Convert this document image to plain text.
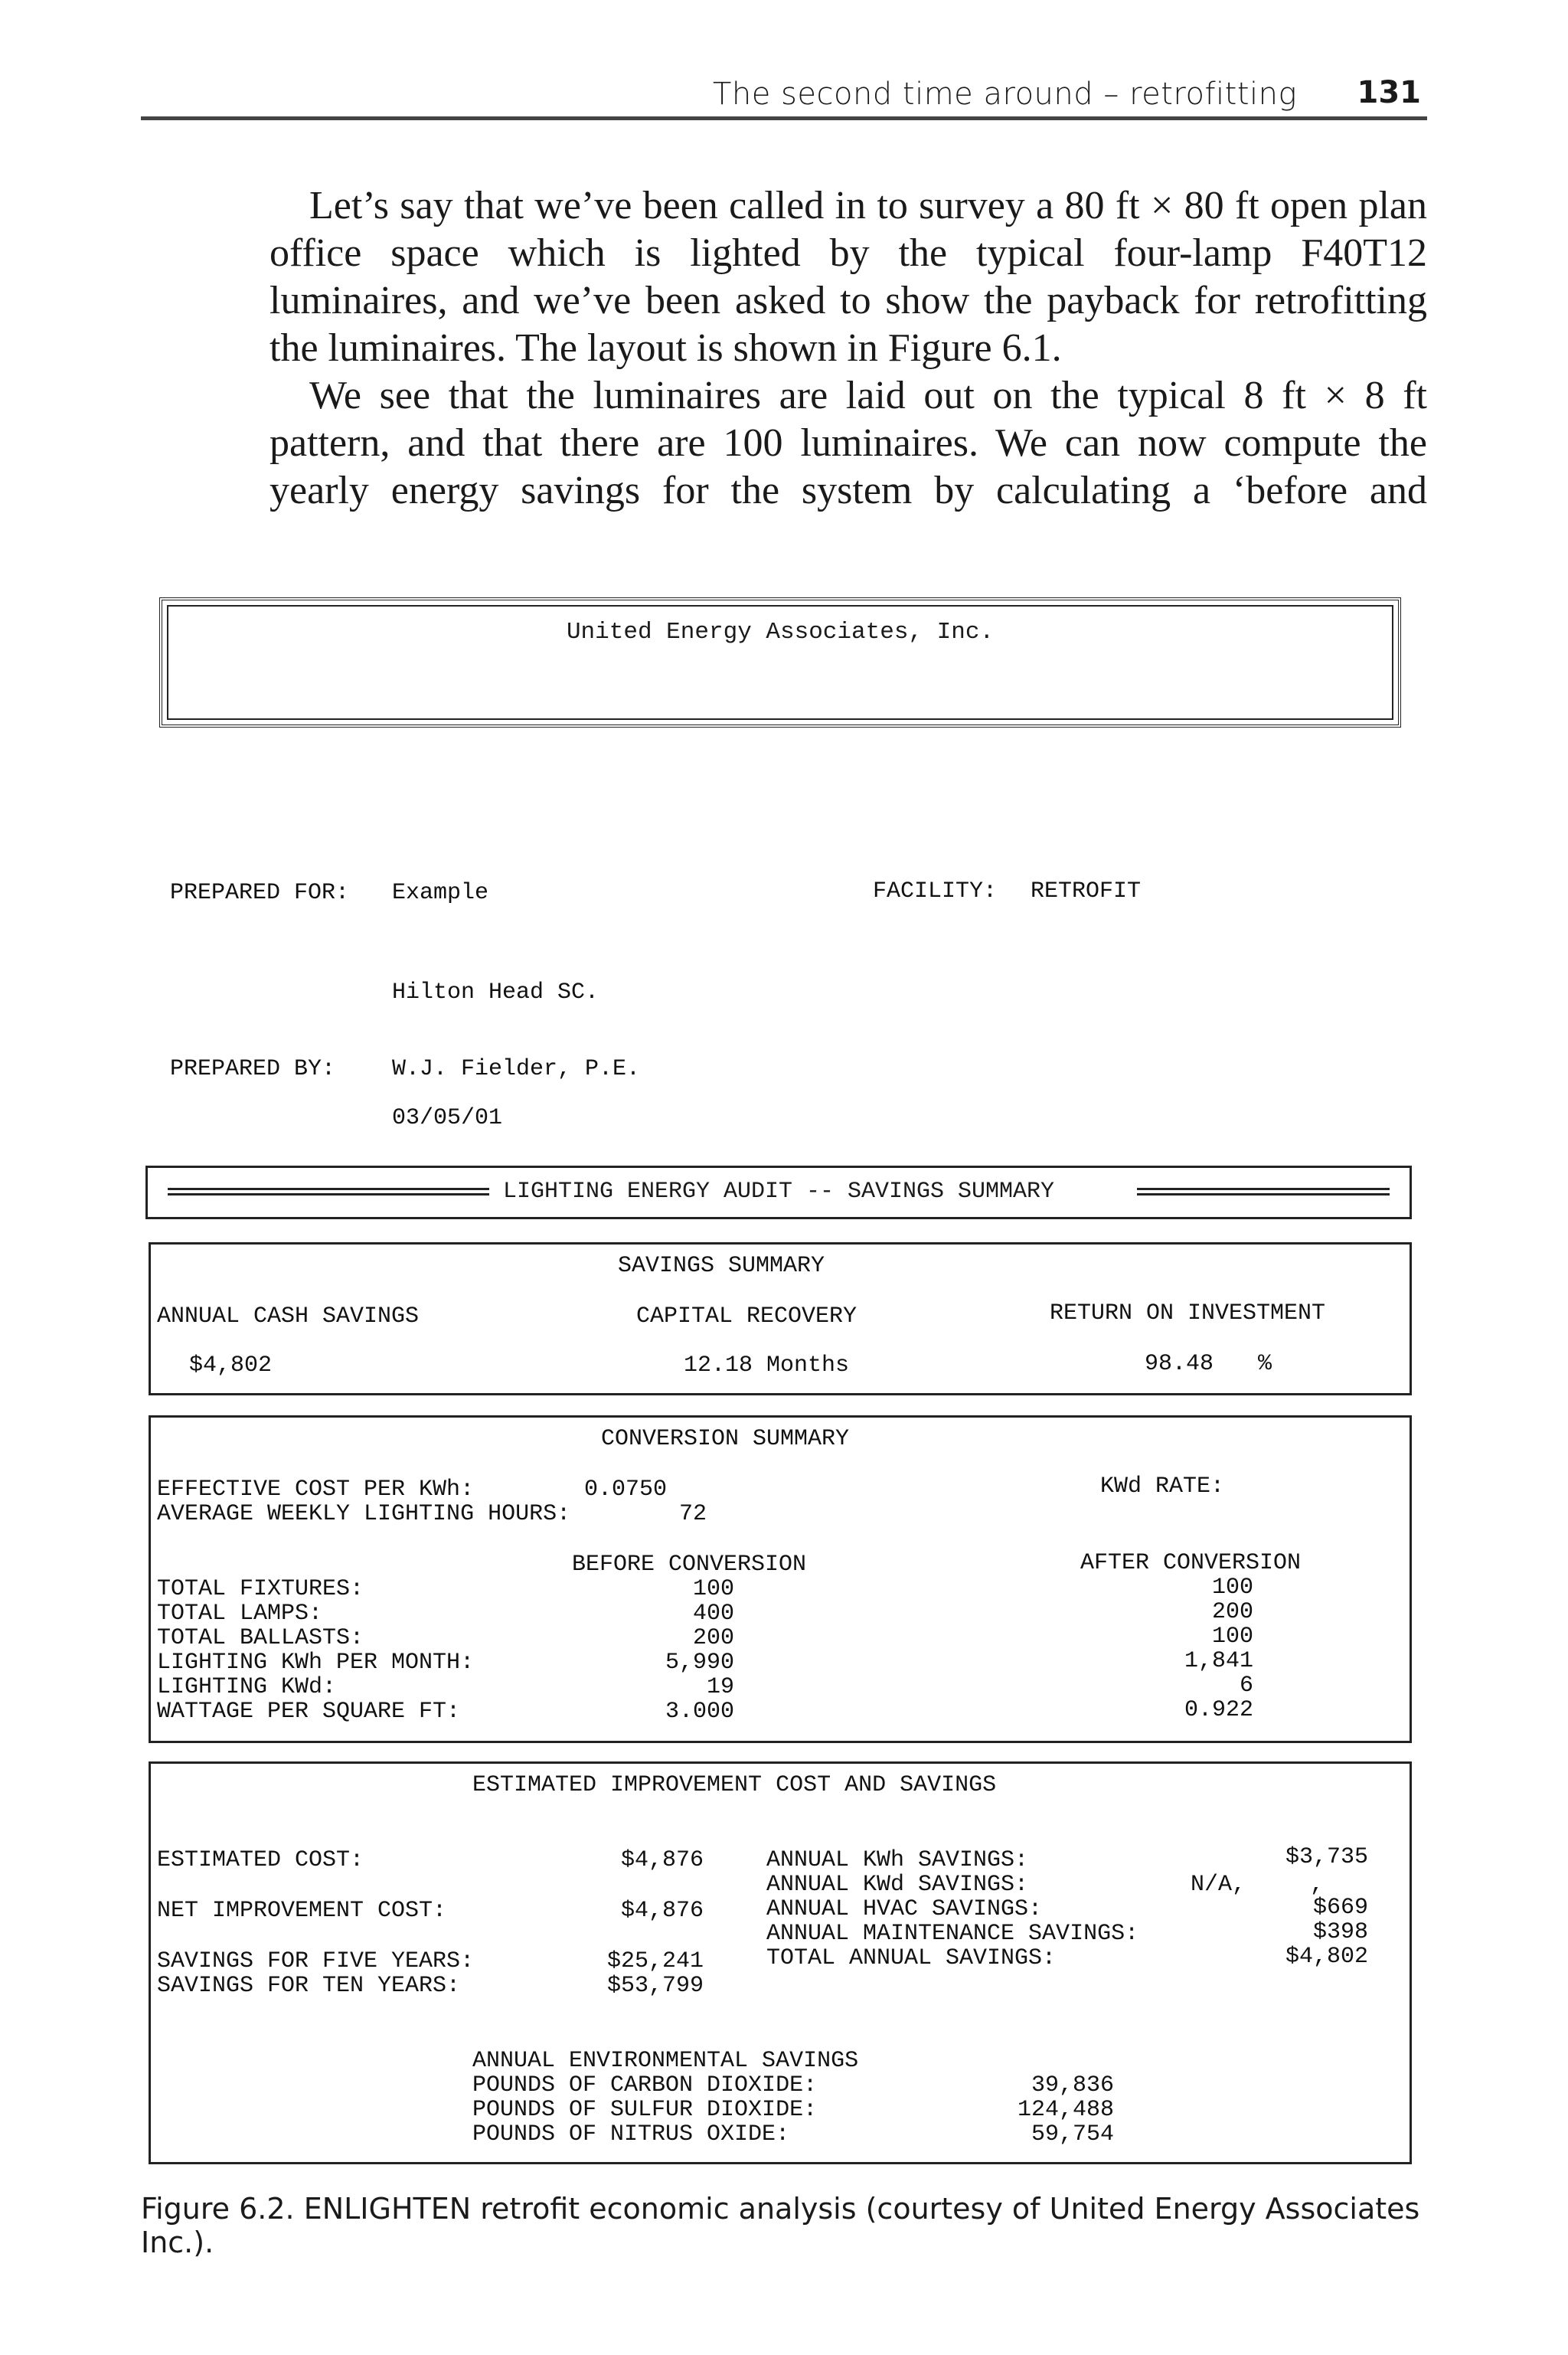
The second time around – retrofitting 131

Let’s say that we’ve been called in to survey a 80 ft × 80 ft open plan office space which is lighted by the typical four-lamp F40T12 luminaires, and we’ve been asked to show the payback for retrofitting the luminaires. The layout is shown in Figure 6.1.

We see that the luminaires are laid out on the typical 8 ft × 8 ft pattern, and that there are 100 luminaires. We can now compute the yearly energy savings for the system by calculating a ‘before and

United Energy Associates, Inc.
PREPARED FOR: Example	FACILITY: RETROFIT
Hilton Head SC.
PREPARED BY: W.J. Fielder, P.E.
03/05/01
LIGHTING ENERGY AUDIT -- SAVINGS SUMMARY
SAVINGS SUMMARY
ANNUAL CASH SAVINGS	CAPITAL RECOVERY	RETURN ON INVESTMENT
$4,802	12.18 Months	98.48 %
CONVERSION SUMMARY
EFFECTIVE COST PER KWh:	0.0750	KWd RATE:
AVERAGE WEEKLY LIGHTING HOURS:	72
BEFORE CONVERSION	AFTER CONVERSION
TOTAL FIXTURES:	100	100
TOTAL LAMPS:	400	200
TOTAL BALLASTS:	200	100
LIGHTING KWh PER MONTH:	5,990	1,841
LIGHTING KWd:	19	6
WATTAGE PER SQUARE FT:	3.000	0.922
ESTIMATED IMPROVEMENT COST AND SAVINGS
ESTIMATED COST:	$4,876
NET IMPROVEMENT COST:	$4,876
SAVINGS FOR FIVE YEARS:	$25,241
SAVINGS FOR TEN YEARS:	$53,799
ANNUAL KWh SAVINGS:	$3,735
ANNUAL KWd SAVINGS:	N/A,	,
ANNUAL HVAC SAVINGS:	$669
ANNUAL MAINTENANCE SAVINGS:	$398
TOTAL ANNUAL SAVINGS:	$4,802
ANNUAL ENVIRONMENTAL SAVINGS
POUNDS OF CARBON DIOXIDE:	39,836
POUNDS OF SULFUR DIOXIDE:	124,488
POUNDS OF NITRUS OXIDE:	59,754
Figure 6.2. ENLIGHTEN retrofit economic analysis (courtesy of United Energy Associates Inc.).
